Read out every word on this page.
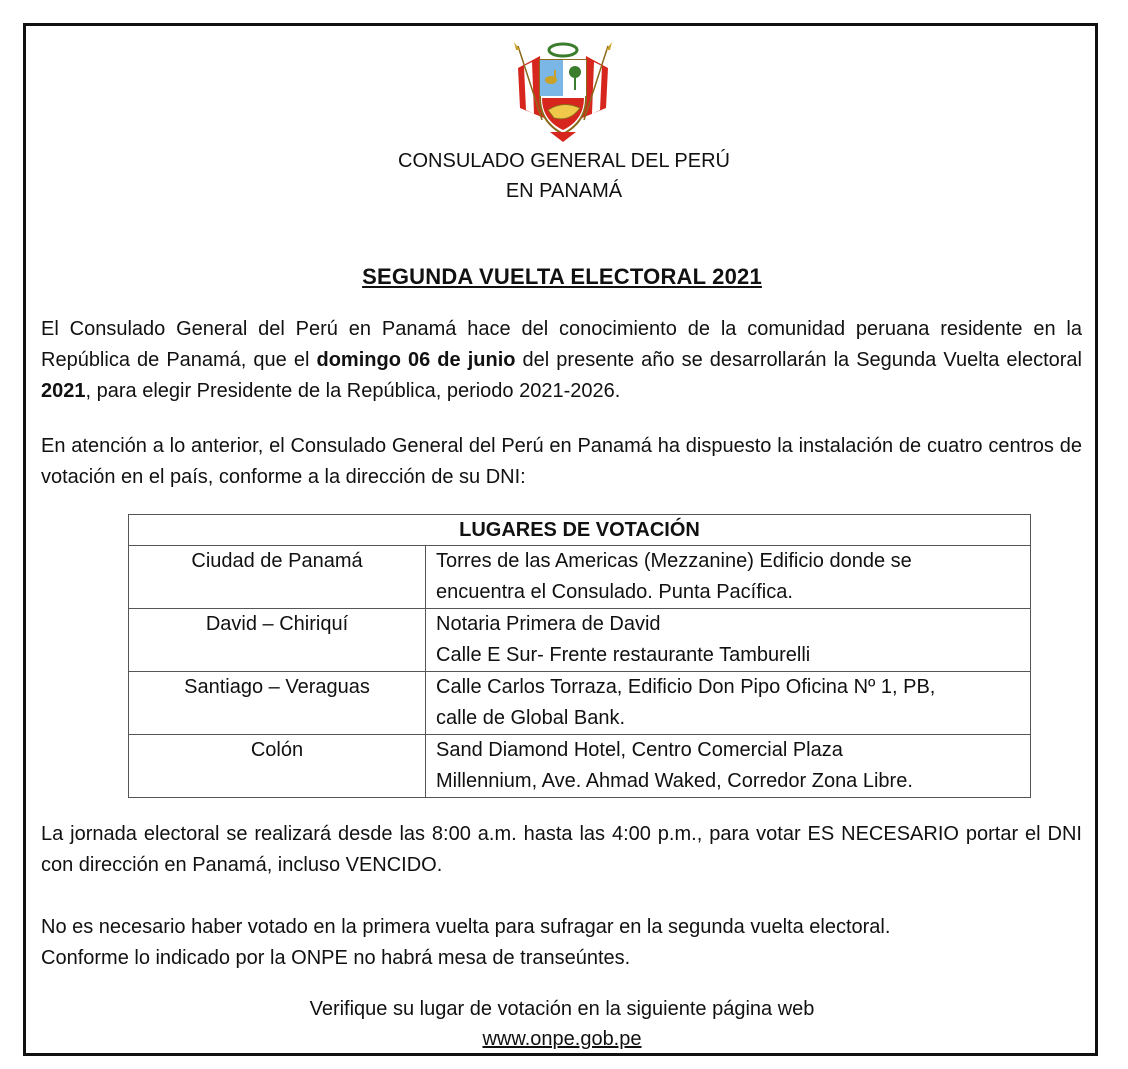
CONSULADO GENERAL DEL PERÚ
EN PANAMÁ
SEGUNDA VUELTA ELECTORAL 2021

El Consulado General del Perú en Panamá hace del conocimiento de la comunidad peruana residente en la República de Panamá, que el domingo 06 de junio del presente año se desarrollarán la Segunda Vuelta electoral 2021, para elegir Presidente de la República, periodo 2021-2026.

En atención a lo anterior, el Consulado General del Perú en Panamá ha dispuesto la instalación de cuatro centros de votación en el país, conforme a la dirección de su DNI:

LUGARES DE VOTACIÓN	
Ciudad de Panamá	Torres de las Americas (Mezzanine) Edificio donde se
encuentra el Consulado. Punta Pacífica.

David – Chiriquí	Notaria Primera de David
Calle E Sur- Frente restaurante Tamburelli

Santiago – Veraguas	Calle Carlos Torraza, Edificio Don Pipo Oficina Nº 1, PB,
calle de Global Bank.

Colón	Sand Diamond Hotel, Centro Comercial Plaza
Millennium, Ave. Ahmad Waked, Corredor Zona Libre.

La jornada electoral se realizará desde las 8:00 a.m. hasta las 4:00 p.m., para votar ES NECESARIO portar el DNI con dirección en Panamá, incluso VENCIDO.

No es necesario haber votado en la primera vuelta para sufragar en la segunda vuelta electoral.
Conforme lo indicado por la ONPE no habrá mesa de transeúntes.

Verifique su lugar de votación en la siguiente página web
www.onpe.gob.pe
